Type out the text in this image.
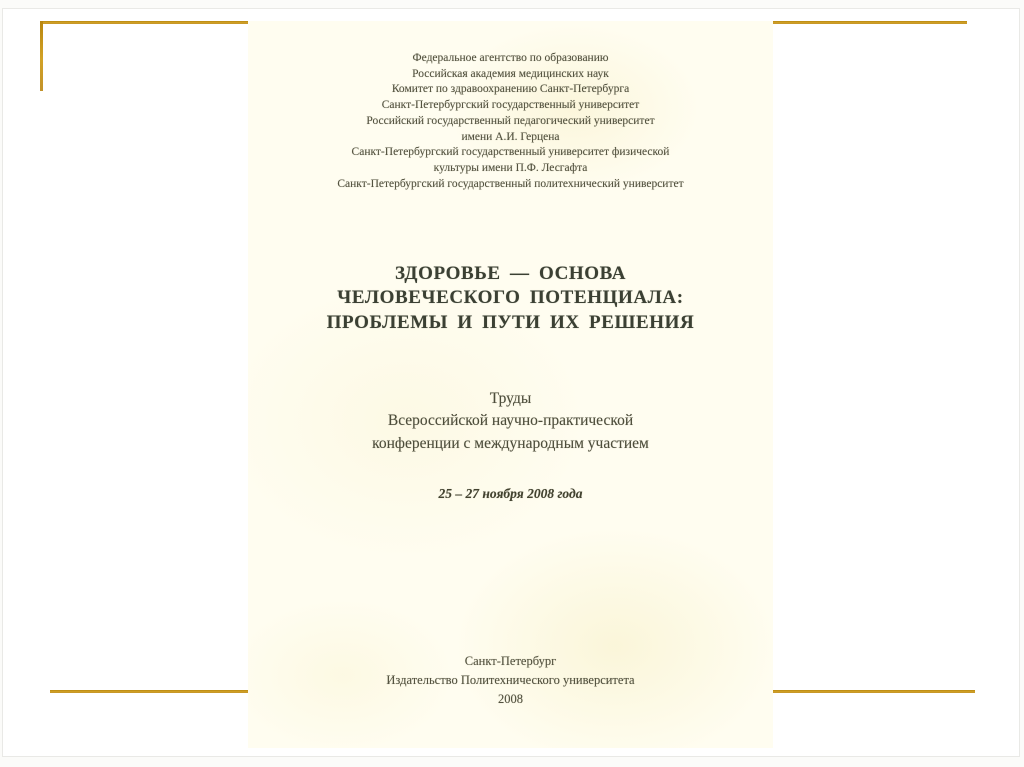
Федеральное агентство по образованию
Российская академия медицинских наук
Комитет по здравоохранению Санкт-Петербурга
Санкт-Петербургский государственный университет
Российский государственный педагогический университет
имени А.И. Герцена
Санкт-Петербургский государственный университет физической
культуры имени П.Ф. Лесгафта
Санкт-Петербургский государственный политехнический университет
ЗДОРОВЬЕ — ОСНОВА
ЧЕЛОВЕЧЕСКОГО ПОТЕНЦИАЛА:
ПРОБЛЕМЫ И ПУТИ ИХ РЕШЕНИЯ
Труды
Всероссийской научно-практической
конференции с международным участием
25 – 27 ноября 2008 года
Санкт-Петербург
Издательство Политехнического университета
2008
